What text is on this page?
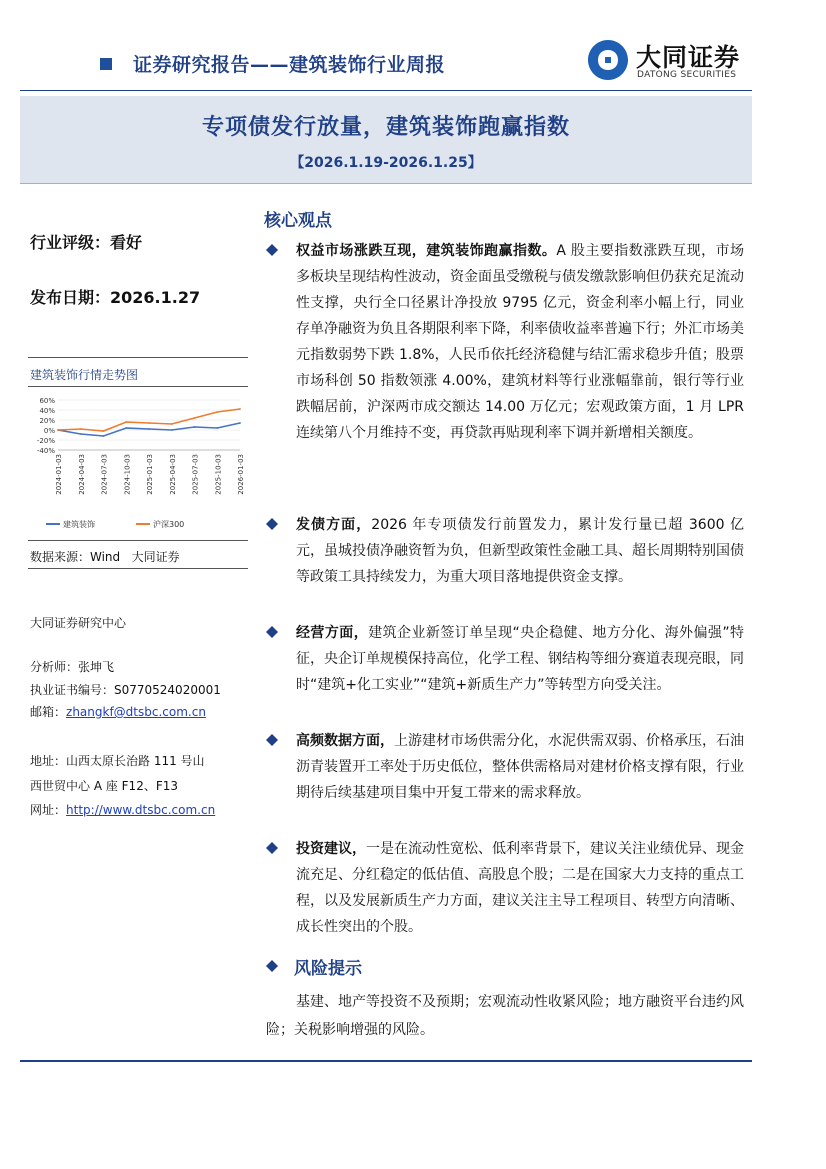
证券研究报告——建筑装饰行业周报	大同证券
DATONG SECURITIES
专项债发行放量，建筑装饰跑赢指数
【2026.1.19-2026.1.25】
行业评级：看好
发布日期：2026.1.27
建筑装饰行情走势图
60%
40%
20%
0%
-20%
-40%
2024-01-03 2024-04-03 2024-07-03 2024-10-03 2025-01-03 2025-04-03 2025-07-03 2025-10-03 2026-01-03
建筑装饰	沪深300
数据来源：Wind   大同证券
大同证券研究中心
分析师：张坤飞
执业证书编号：S0770524020001
邮箱：zhangkf@dtsbc.com.cn
地址：山西太原长治路 111 号山
西世贸中心 A 座 F12、F13
网址：http://www.dtsbc.com.cn
核心观点
权益市场涨跌互现，建筑装饰跑赢指数。A 股主要指数涨跌互现，市场多板块呈现结构性波动，资金面虽受缴税与债发缴款影响但仍获充足流动性支撑，央行全口径累计净投放 9795 亿元，资金利率小幅上行，同业存单净融资为负且各期限利率下降，利率债收益率普遍下行；外汇市场美元指数弱势下跌 1.8%，人民币依托经济稳健与结汇需求稳步升值；股票市场科创 50 指数领涨 4.00%，建筑材料等行业涨幅靠前，银行等行业跌幅居前，沪深两市成交额达 14.00 万亿元；宏观政策方面，1 月 LPR 连续第八个月维持不变，再贷款再贴现利率下调并新增相关额度。
发债方面，2026 年专项债发行前置发力，累计发行量已超 3600 亿元，虽城投债净融资暂为负，但新型政策性金融工具、超长周期特别国债等政策工具持续发力，为重大项目落地提供资金支撑。
经营方面，建筑企业新签订单呈现“央企稳健、地方分化、海外偏强”特征，央企订单规模保持高位，化学工程、钢结构等细分赛道表现亮眼，同时“建筑+化工实业”“建筑+新质生产力”等转型方向受关注。
高频数据方面，上游建材市场供需分化，水泥供需双弱、价格承压，石油沥青装置开工率处于历史低位，整体供需格局对建材价格支撑有限，行业期待后续基建项目集中开复工带来的需求释放。
投资建议，一是在流动性宽松、低利率背景下，建议关注业绩优异、现金流充足、分红稳定的低估值、高股息个股；二是在国家大力支持的重点工程，以及发展新质生产力方面，建议关注主导工程项目、转型方向清晰、成长性突出的个股。
风险提示
基建、地产等投资不及预期；宏观流动性收紧风险；地方融资平台违约风险；关税影响增强的风险。
